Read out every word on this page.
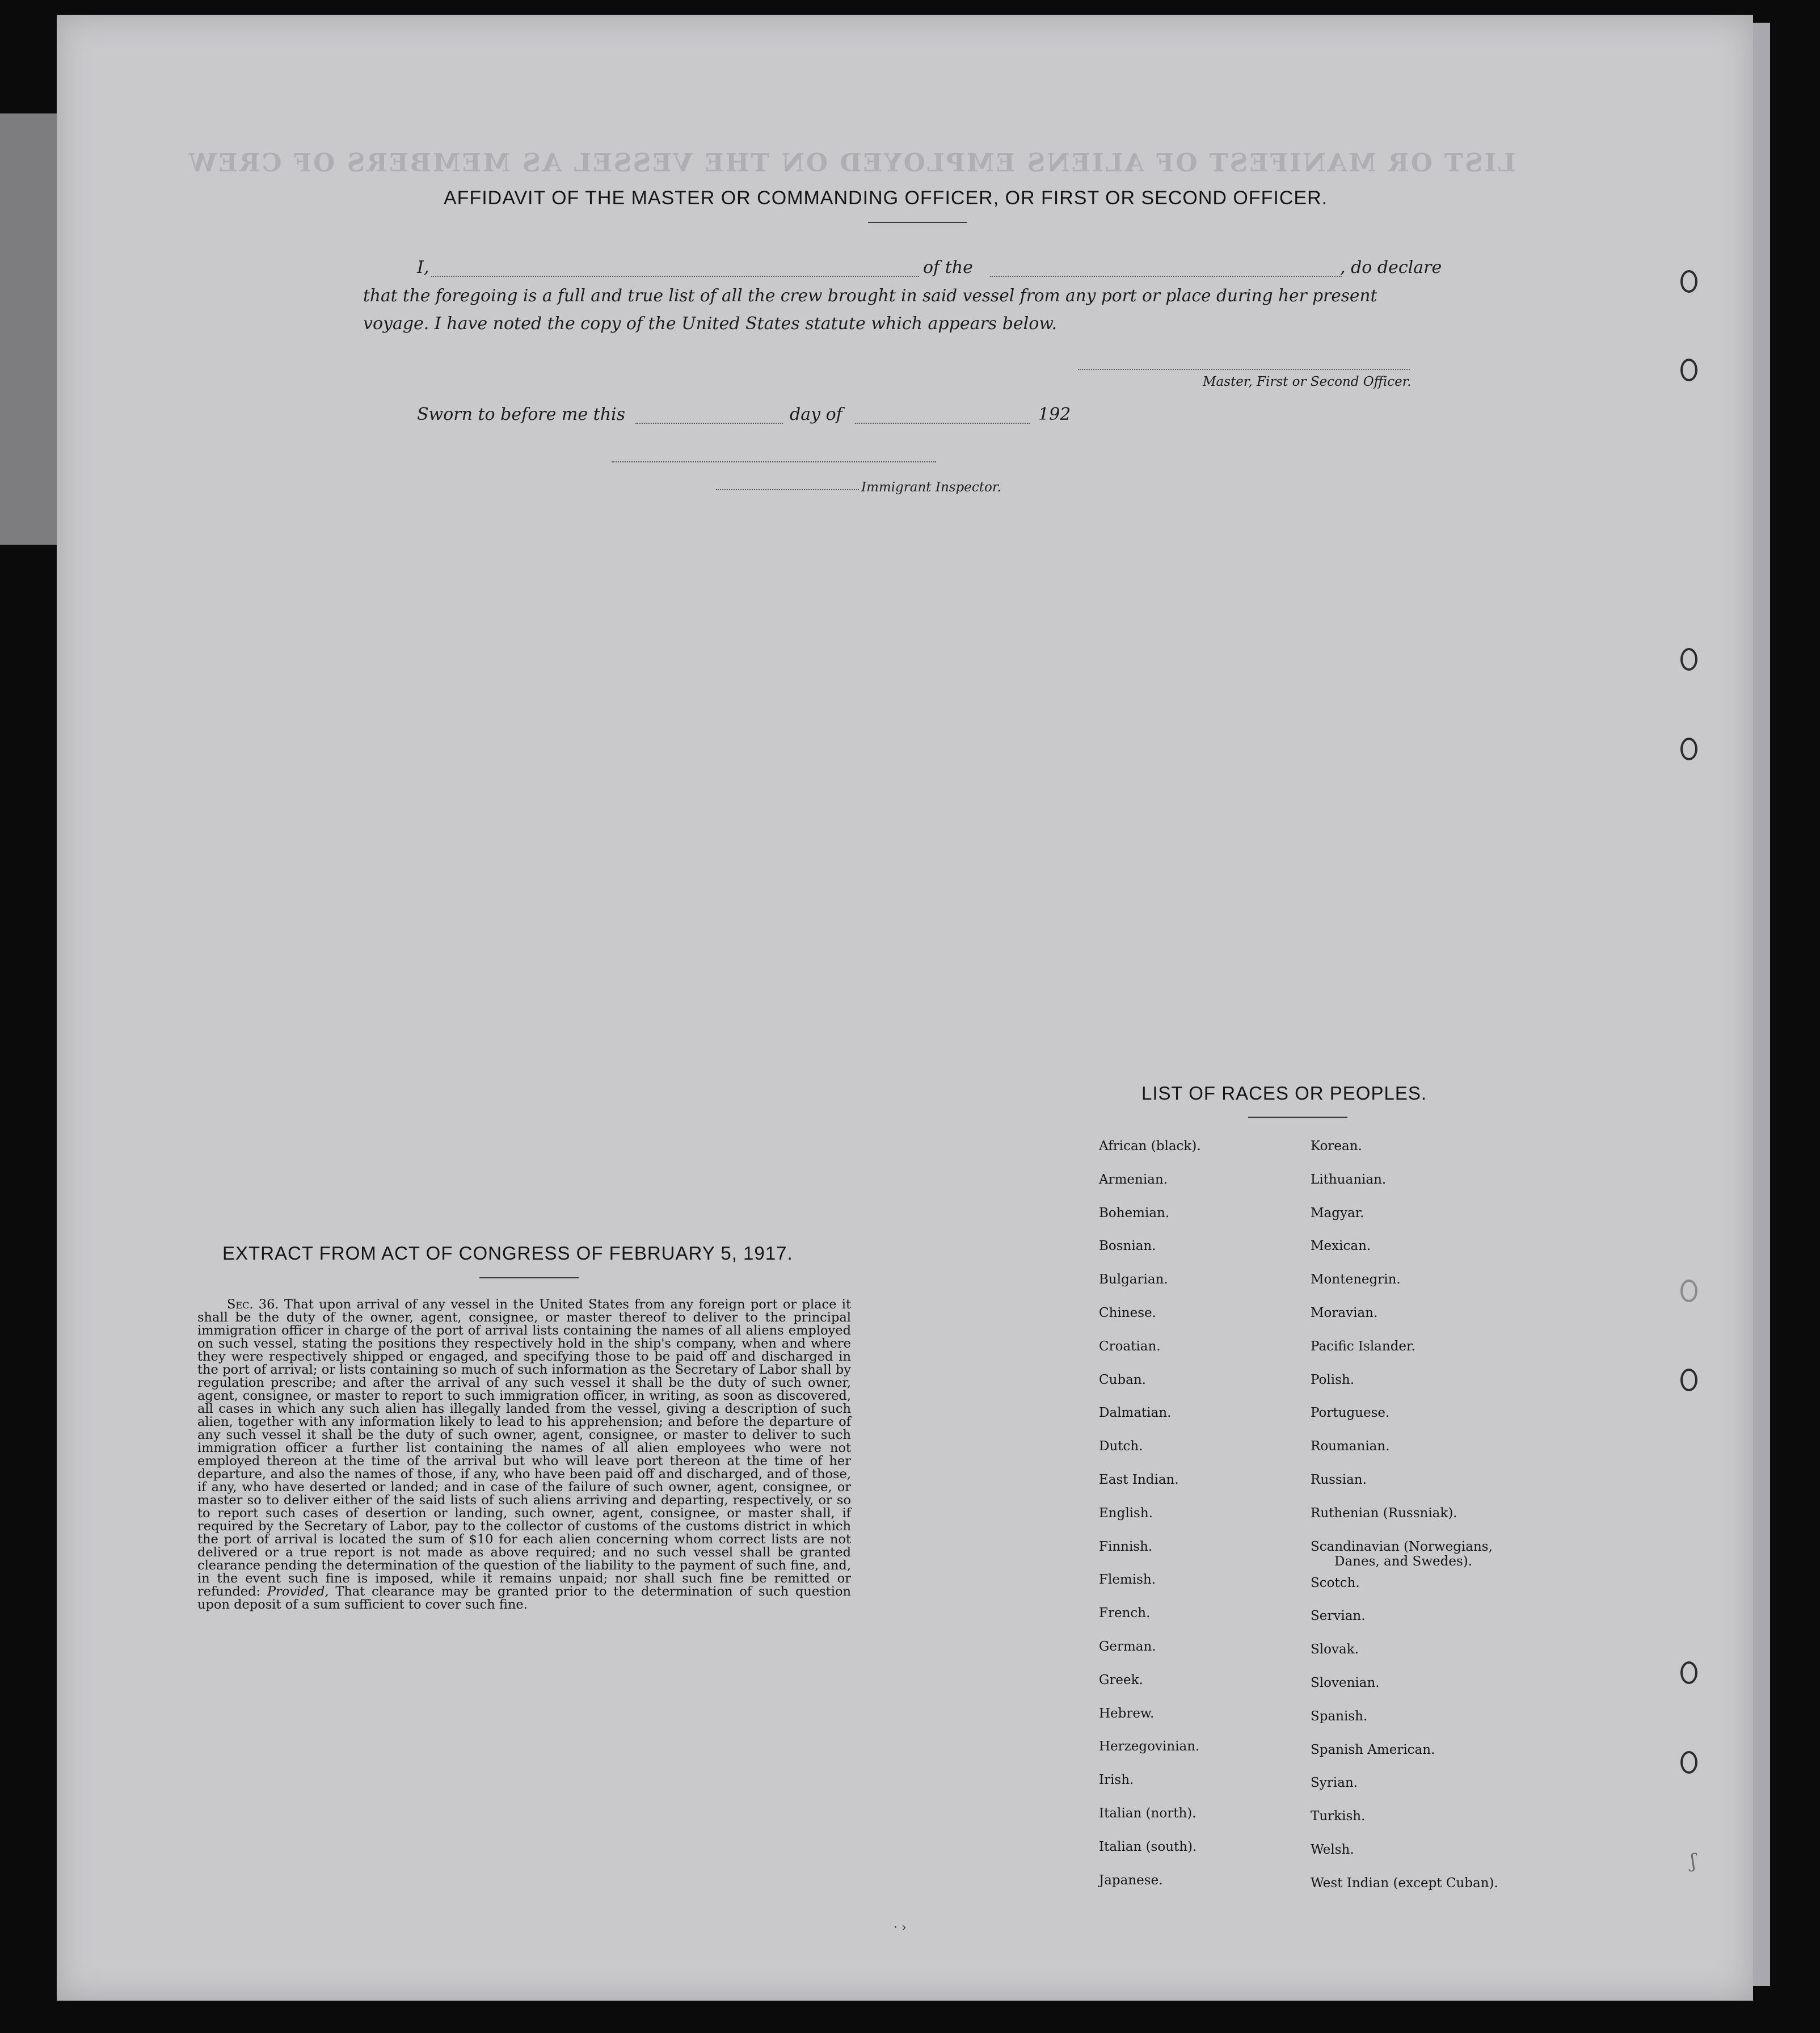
LIST OR MANIFEST OF ALIENS EMPLOYED ON THE VESSEL AS MEMBERS OF CREW
AFFIDAVIT OF THE MASTER OR COMMANDING OFFICER, OR FIRST OR SECOND OFFICER.
I,	of the	, do declare
that the foregoing is a full and true list of all the crew brought in said vessel from any port or place during her present
voyage. I have noted the copy of the United States statute which appears below.
Master, First or Second Officer.
Sworn to before me this	day of	192
Immigrant Inspector.
EXTRACT FROM ACT OF CONGRESS OF FEBRUARY 5, 1917.
Sec. 36. That upon arrival of any vessel in the United States from any foreign port or place it shall be the duty of the owner, agent, consignee, or master thereof to deliver to the principal immigration officer in charge of the port of arrival lists containing the names of all aliens employed on such vessel, stating the positions they respectively hold in the ship's company, when and where they were respectively shipped or engaged, and specifying those to be paid off and discharged in the port of arrival; or lists containing so much of such information as the Secretary of Labor shall by regulation prescribe; and after the arrival of any such vessel it shall be the duty of such owner, agent, consignee, or master to report to such immigration officer, in writing, as soon as discovered, all cases in which any such alien has illegally landed from the vessel, giving a description of such alien, together with any information likely to lead to his apprehension; and before the departure of any such vessel it shall be the duty of such owner, agent, consignee, or master to deliver to such immigration officer a further list containing the names of all alien employees who were not employed thereon at the time of the arrival but who will leave port thereon at the time of her departure, and also the names of those, if any, who have been paid off and discharged, and of those, if any, who have deserted or landed; and in case of the failure of such owner, agent, consignee, or master so to deliver either of the said lists of such aliens arriving and departing, respectively, or so to report such cases of desertion or landing, such owner, agent, consignee, or master shall, if required by the Secretary of Labor, pay to the collector of customs of the customs district in which the port of arrival is located the sum of $10 for each alien concerning whom correct lists are not delivered or a true report is not made as above required; and no such vessel shall be granted clearance pending the determination of the question of the liability to the payment of such fine, and, in the event such fine is imposed, while it remains unpaid; nor shall such fine be remitted or refunded: Provided, That clearance may be granted prior to the determination of such question upon deposit of a sum sufficient to cover such fine.
LIST OF RACES OR PEOPLES.
African (black).
Armenian.
Bohemian.
Bosnian.
Bulgarian.
Chinese.
Croatian.
Cuban.
Dalmatian.
Dutch.
East Indian.
English.
Finnish.
Flemish.
French.
German.
Greek.
Hebrew.
Herzegovinian.
Irish.
Italian (north).
Italian (south).
Japanese.
Korean.
Lithuanian.
Magyar.
Mexican.
Montenegrin.
Moravian.
Pacific Islander.
Polish.
Portuguese.
Roumanian.
Russian.
Ruthenian (Russniak).
Scandinavian (Norwegians,
Danes, and Swedes).
Scotch.
Servian.
Slovak.
Slovenian.
Spanish.
Spanish American.
Syrian.
Turkish.
Welsh.
West Indian (except Cuban).
· ›
ʃ
